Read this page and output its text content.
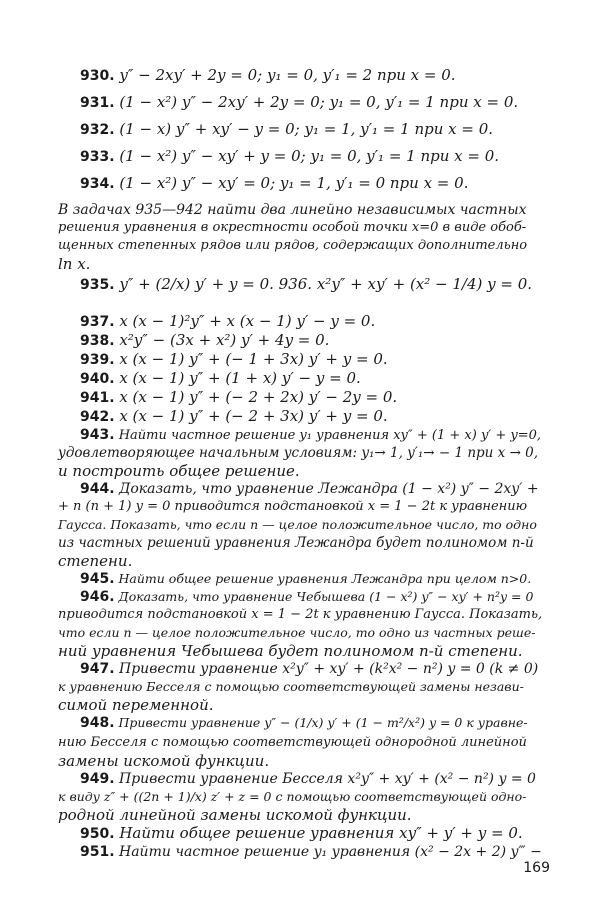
930. y″ − 2xy′ + 2y = 0; y₁ = 0, y′₁ = 2 при x = 0.
931. (1 − x²) y″ − 2xy′ + 2y = 0; y₁ = 0, y′₁ = 1 при x = 0.
932. (1 − x) y″ + xy′ − y = 0; y₁ = 1, y′₁ = 1 при x = 0.
933. (1 − x²) y″ − xy′ + y = 0; y₁ = 0, y′₁ = 1 при x = 0.
934. (1 − x²) y″ − xy′ = 0; y₁ = 1, y′₁ = 0 при x = 0.
В задачах 935—942 найти два линейно независимых частных
решения уравнения в окрестности особой точки x=0 в виде обоб-
щенных степенных рядов или рядов, содержащих дополнительно
ln x.
935. y″ + (2/x) y′ + y = 0. 936. x²y″ + xy′ + (x² − 1/4) y = 0.
937. x (x − 1)²y″ + x (x − 1) y′ − y = 0.
938. x²y″ − (3x + x²) y′ + 4y = 0.
939. x (x − 1) y″ + (− 1 + 3x) y′ + y = 0.
940. x (x − 1) y″ + (1 + x) y′ − y = 0.
941. x (x − 1) y″ + (− 2 + 2x) y′ − 2y = 0.
942. x (x − 1) y″ + (− 2 + 3x) y′ + y = 0.
943. Найти частное решение y₁ уравнения xy″ + (1 + x) y′ + y=0,
удовлетворяющее начальным условиям: y₁→ 1, y′₁→ − 1 при x → 0,
и построить общее решение.
944. Доказать, что уравнение Лежандра (1 − x²) y″ − 2xy′ +
+ n (n + 1) y = 0 приводится подстановкой x = 1 − 2t к уравнению
Гаусса. Показать, что если n — целое положительное число, то одно
из частных решений уравнения Лежандра будет полиномом n-й
степени.
945. Найти общее решение уравнения Лежандра при целом n>0.
946. Доказать, что уравнение Чебышева (1 − x²) y″ − xy′ + n²y = 0
приводится подстановкой x = 1 − 2t к уравнению Гаусса. Показать,
что если n — целое положительное число, то одно из частных реше-
ний уравнения Чебышева будет полиномом n-й степени.
947. Привести уравнение x²y″ + xy′ + (k²x² − n²) y = 0 (k ≠ 0)
к уравнению Бесселя с помощью соответствующей замены незави-
симой переменной.
948. Привести уравнение y″ − (1/x) y′ + (1 − m²/x²) y = 0 к уравне-
нию Бесселя с помощью соответствующей однородной линейной
замены искомой функции.
949. Привести уравнение Бесселя x²y″ + xy′ + (x² − n²) y = 0
к виду z″ + ((2n + 1)/x) z′ + z = 0 с помощью соответствующей одно-
родной линейной замены искомой функции.
950. Найти общее решение уравнения xy″ + y′ + y = 0.
951. Найти частное решение y₁ уравнения (x² − 2x + 2) y‴ −
169
